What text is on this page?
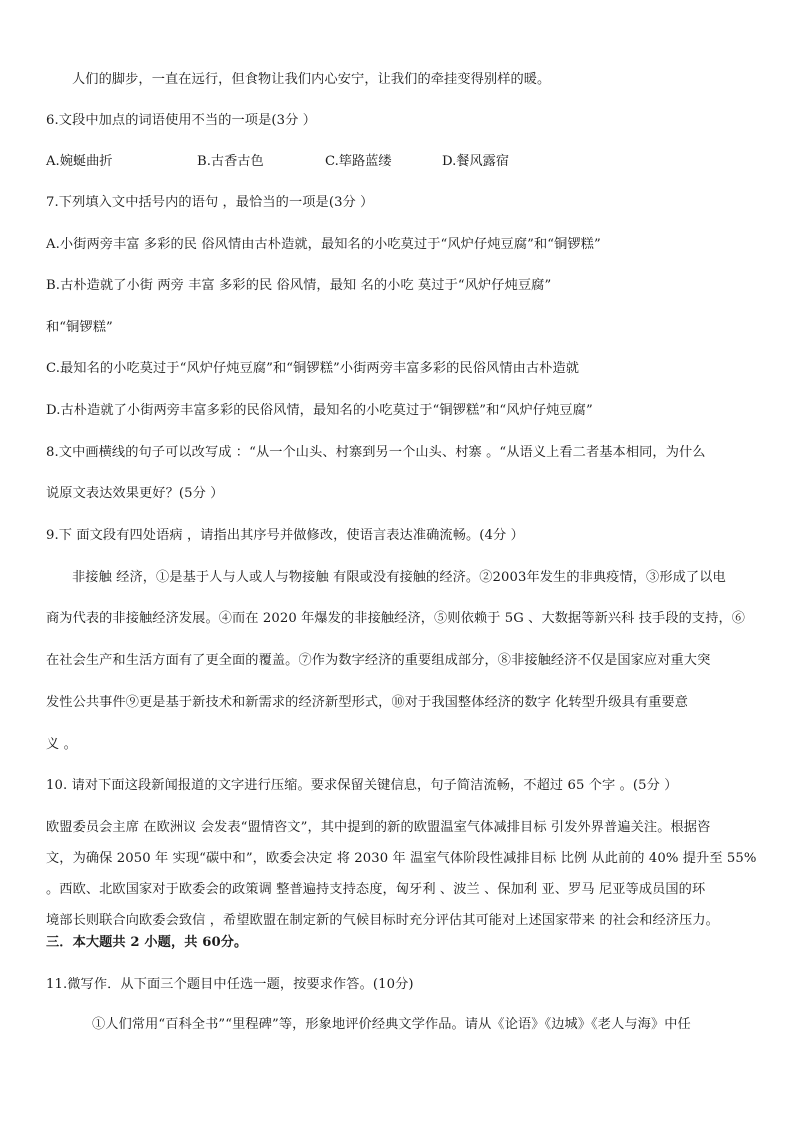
人们的脚步，一直在远行，但食物让我们内心安宁，让我们的牵挂变得别样的暖。
6.文段中加点的词语使用不当的一项是(3分 ）
A.婉蜒曲折	B.古香古色	C.筚路蓝缕	D.餐风露宿
7.下列填入文中括号内的语句 ，最恰当的一项是(3分 ）
A.小街两旁丰富 多彩的民 俗风情由古朴造就，最知名的小吃莫过于“风炉仔炖豆腐”和“铜锣糕”
B.古朴造就了小街 两旁 丰富 多彩的民 俗风情，最知 名的小吃 莫过于“风炉仔炖豆腐”
和“铜锣糕”
C.最知名的小吃莫过于“风炉仔炖豆腐”和“铜锣糕”小街两旁丰富多彩的民俗风情由古朴造就
D.古朴造就了小街两旁丰富多彩的民俗风情，最知名的小吃莫过于“铜锣糕”和“风炉仔炖豆腐”
8.文中画横线的句子可以改写成 ：“从一个山头、村寨到另一个山头、村寨 。“从语义上看二者基本相同，为什么
说原文表达效果更好？(5分 ）
9.下 面文段有四处语病 ，请指出其序号并做修改，使语言表达准确流畅。(4分 ）
非接触 经济，①是基于人与人或人与物接触 有限或没有接触的经济。②2003年发生的非典疫情，③形成了以电
商为代表的非接触经济发展。④而在 2020 年爆发的非接触经济，⑤则依赖于 5G 、大数据等新兴科 技手段的支持，⑥
在社会生产和生活方面有了更全面的覆盖。⑦作为数字经济的重要组成部分，⑧非接触经济不仅是国家应对重大突
发性公共事件⑨更是基于新技术和新需求的经济新型形式，⑩对于我国整体经济的数字 化转型升级具有重要意
义 。
10. 请对下面这段新闻报道的文字进行压缩。要求保留关键信息，句子简洁流畅，不超过 65 个字 。(5分 ）
欧盟委员会主席 在欧洲议 会发表“盟情咨文”，其中提到的新的欧盟温室气体减排目标 引发外界普遍关注。根据咨
文，为确保 2050 年 实现“碳中和”，欧委会决定 将 2030 年 温室气体阶段性减排目标 比例 从此前的 40% 提升至 55%
。西欧、北欧国家对于欧委会的政策调 整普遍持支持态度，匈牙利 、波兰 、保加利 亚、罗马 尼亚等成员国的环
境部长则联合向欧委会致信 ，希望欧盟在制定新的气候目标时充分评估其可能对上述国家带来 的社会和经济压力。
三．本大题共 2 小题，共 60分。
11.微写作．从下面三个题目中任选一题，按要求作答。(10分)
①人们常用“百科全书”“里程碑”等，形象地评价经典文学作品。请从《论语》《边城》《老人与海》中任
